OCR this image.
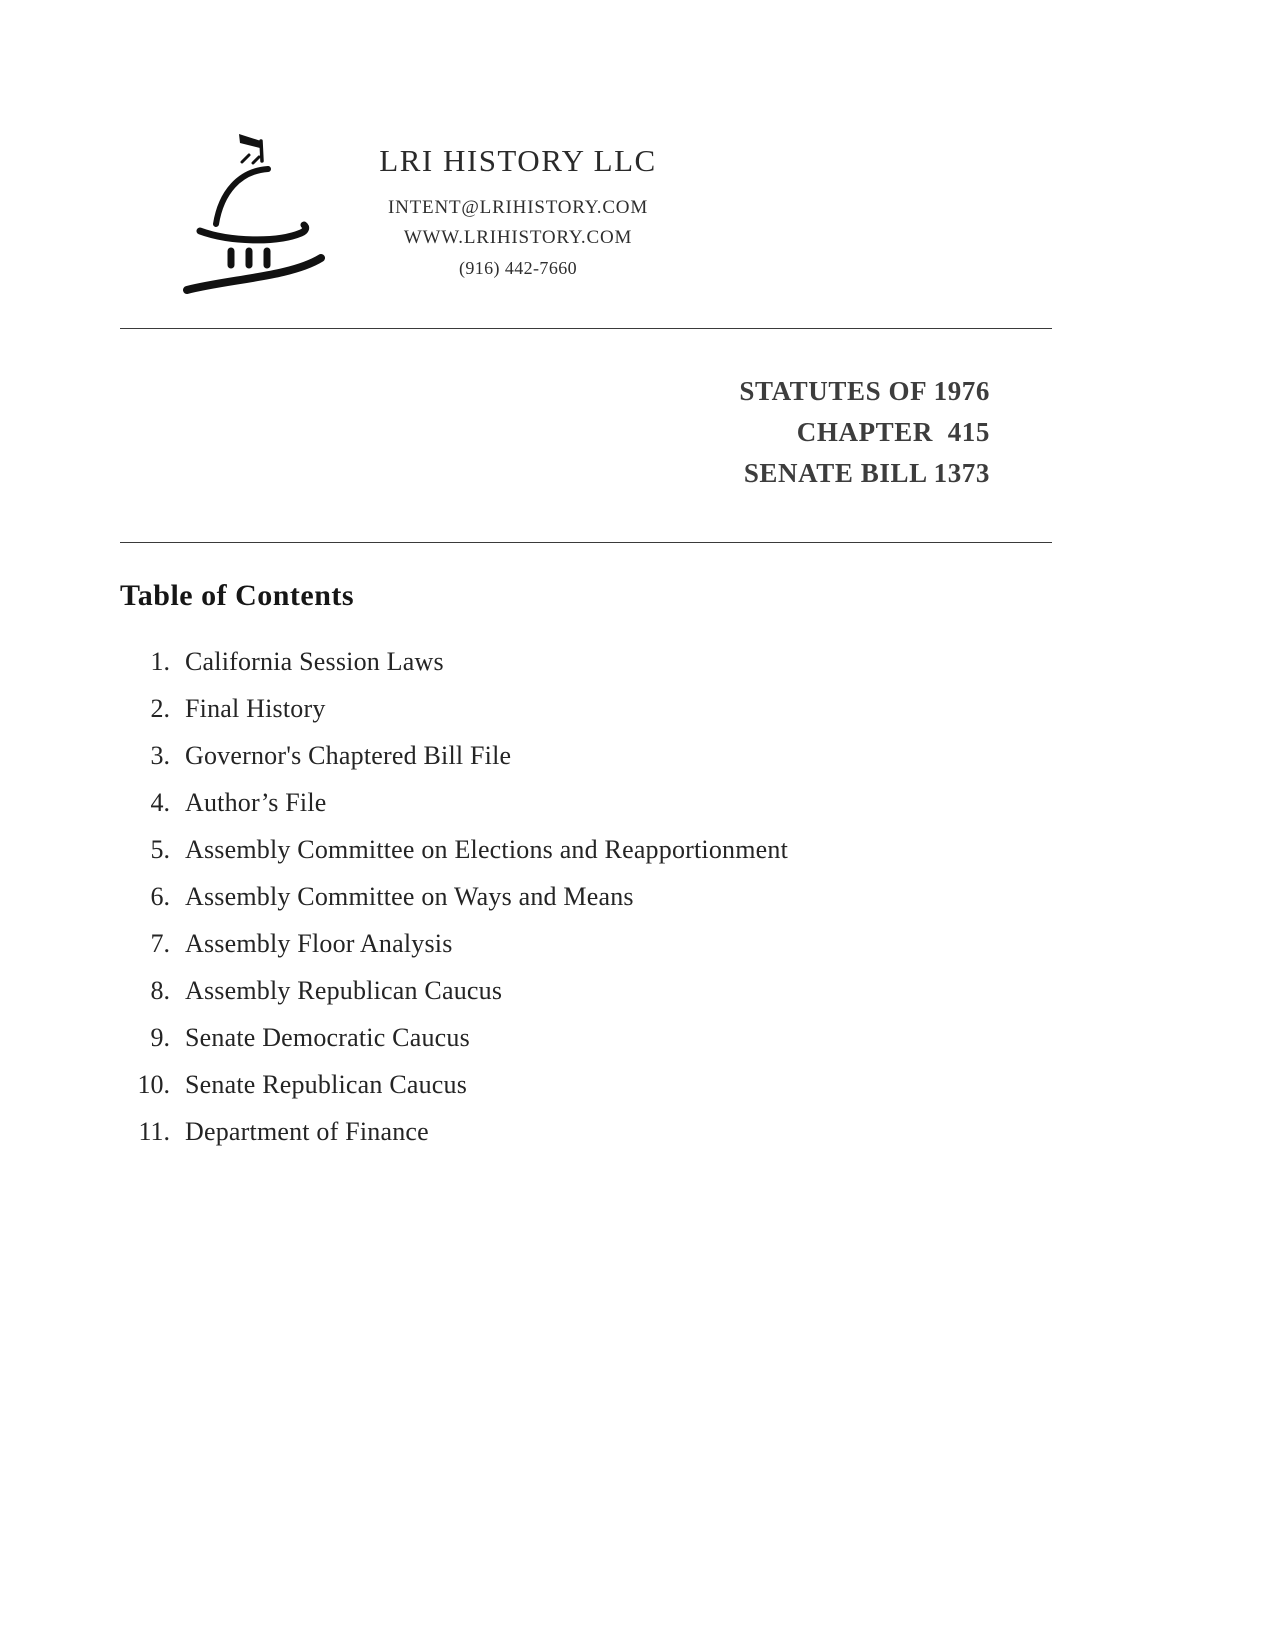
LRI HISTORY LLC
INTENT@LRIHISTORY.COM
WWW.LRIHISTORY.COM
(916) 442-7660
STATUTES OF 1976
CHAPTER  415
SENATE BILL 1373
Table of Contents
1. California Session Laws
2. Final History
3. Governor's Chaptered Bill File
4. Author’s File
5. Assembly Committee on Elections and Reapportionment
6. Assembly Committee on Ways and Means
7. Assembly Floor Analysis
8. Assembly Republican Caucus
9. Senate Democratic Caucus
10. Senate Republican Caucus
11. Department of Finance
